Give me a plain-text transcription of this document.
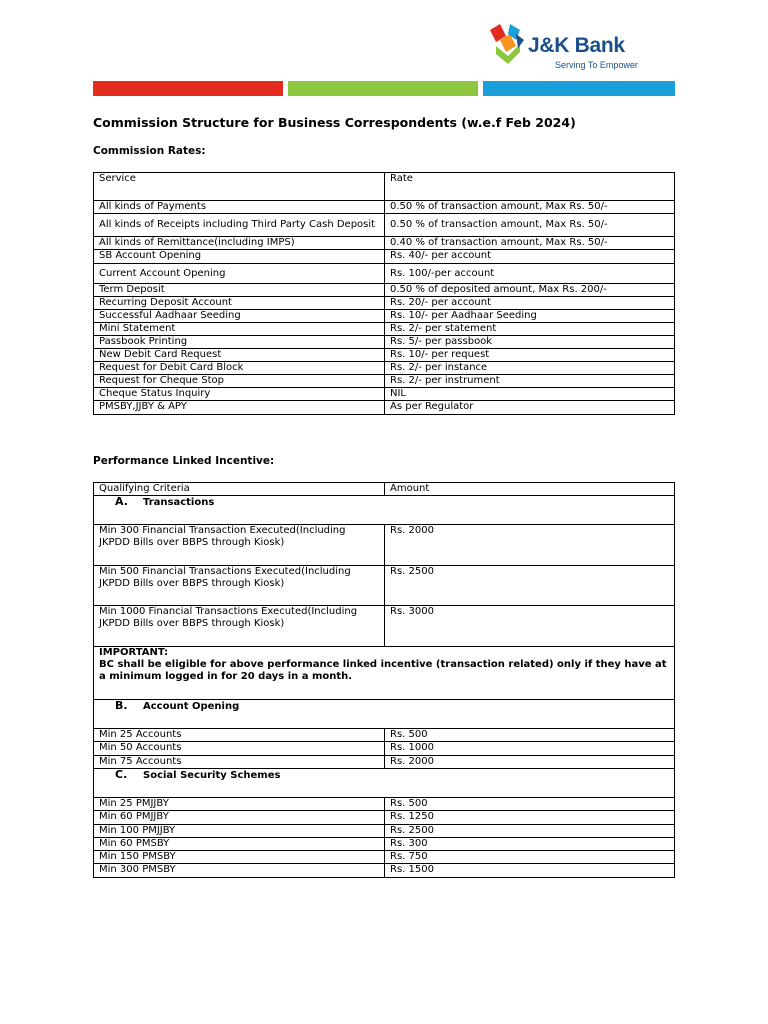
J&K Bank
Serving To Empower
Commission Structure for Business Correspondents (w.e.f Feb 2024)
Commission Rates:
Service	Rate
All kinds of Payments	0.50 % of transaction amount, Max Rs. 50/-
All kinds of Receipts including Third Party Cash Deposit	0.50 % of transaction amount, Max Rs. 50/-
All kinds of Remittance(including IMPS)	0.40 % of transaction amount, Max Rs. 50/-
SB Account Opening	Rs. 40/- per account
Current Account Opening	Rs. 100/-per account
Term Deposit	0.50 % of deposited amount, Max Rs. 200/-
Recurring Deposit Account	Rs. 20/- per account
Successful Aadhaar Seeding	Rs. 10/- per Aadhaar Seeding
Mini Statement	Rs. 2/- per statement
Passbook Printing	Rs. 5/- per passbook
New Debit Card Request	Rs. 10/- per request
Request for Debit Card Block	Rs. 2/- per instance
Request for Cheque Stop	Rs. 2/- per instrument
Cheque Status Inquiry	NIL
PMSBY,JJBY & APY	As per Regulator
Performance Linked Incentive:
Qualifying Criteria	Amount
A. Transactions	
Min 300 Financial Transaction Executed(Including JKPDD Bills over BBPS through Kiosk)	Rs. 2000
Min 500 Financial Transactions Executed(Including JKPDD Bills over BBPS through Kiosk)	Rs. 2500
Min 1000 Financial Transactions Executed(Including JKPDD Bills over BBPS through Kiosk)	Rs. 3000

IMPORTANT:
BC shall be eligible for above performance linked incentive (transaction related) only if they have at a minimum logged in for 20 days in a month.	

B. Account Opening	
Min 25 Accounts	Rs. 500
Min 50 Accounts	Rs. 1000
Min 75 Accounts	Rs. 2000
C. Social Security Schemes	
Min 25 PMJJBY	Rs. 500
Min 60 PMJJBY	Rs. 1250
Min 100 PMJJBY	Rs. 2500
Min 60 PMSBY	Rs. 300
Min 150 PMSBY	Rs. 750
Min 300 PMSBY	Rs. 1500
